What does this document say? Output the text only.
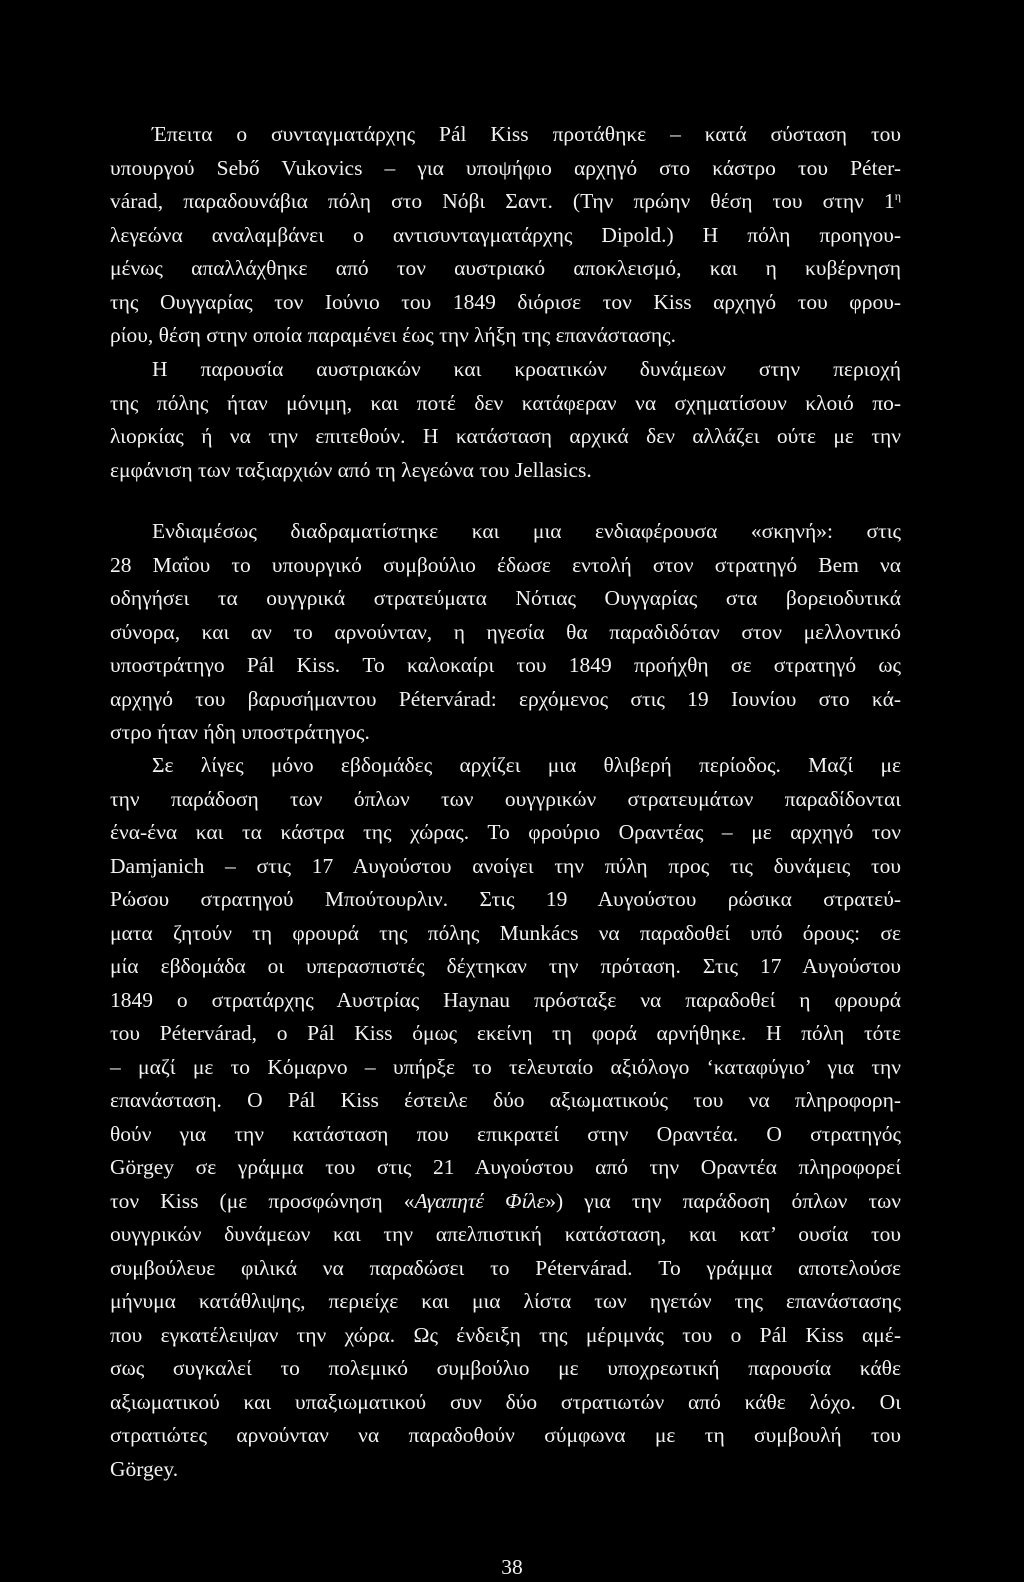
Έπειτα ο συνταγματάρχης Pál Kiss προτάθηκε – κατά σύσταση του
υπουργού Sebő Vukovics – για υποψήφιο αρχηγό στο κάστρο του Péter-
várad, παραδουνάβια πόλη στο Νόβι Σαντ. (Την πρώην θέση του στην $1^\eta$
λεγεώνα αναλαμβάνει ο αντισυνταγματάρχης Dipold.) Η πόλη προηγου-
μένως απαλλάχθηκε από τον αυστριακό αποκλεισμό, και η κυβέρνηση
της Ουγγαρίας τον Ιούνιο του 1849 διόρισε τον Kiss αρχηγό του φρου-
ρίου, θέση στην οποία παραμένει έως την λήξη της επανάστασης.
Η παρουσία αυστριακών και κροατικών δυνάμεων στην περιοχή
της πόλης ήταν μόνιμη, και ποτέ δεν κατάφεραν να σχηματίσουν κλοιό πο-
λιορκίας ή να την επιτεθούν. Η κατάσταση αρχικά δεν αλλάζει ούτε με την
εμφάνιση των ταξιαρχιών από τη λεγεώνα του Jellasics.
Ενδιαμέσως διαδραματίστηκε και μια ενδιαφέρουσα «σκηνή»: στις
28 Μαΐου το υπουργικό συμβούλιο έδωσε εντολή στον στρατηγό Bem να
οδηγήσει τα ουγγρικά στρατεύματα Νότιας Ουγγαρίας στα βορειοδυτικά
σύνορα, και αν το αρνούνταν, η ηγεσία θα παραδιδόταν στον μελλοντικό
υποστράτηγο Pál Kiss. Το καλοκαίρι του 1849 προήχθη σε στρατηγό ως
αρχηγό του βαρυσήμαντου Pétervárad: ερχόμενος στις 19 Ιουνίου στο κά-
στρο ήταν ήδη υποστράτηγος.
Σε λίγες μόνο εβδομάδες αρχίζει μια θλιβερή περίοδος. Μαζί με
την παράδοση των όπλων των ουγγρικών στρατευμάτων παραδίδονται
ένα-ένα και τα κάστρα της χώρας. Το φρούριο Οραντέας – με αρχηγό τον
Damjanich – στις 17 Αυγούστου ανοίγει την πύλη προς τις δυνάμεις του
Ρώσου στρατηγού Μπούτουρλιν. Στις 19 Αυγούστου ρώσικα στρατεύ-
ματα ζητούν τη φρουρά της πόλης Munkács να παραδοθεί υπό όρους: σε
μία εβδομάδα οι υπερασπιστές δέχτηκαν την πρόταση. Στις 17 Αυγούστου
1849 ο στρατάρχης Αυστρίας Haynau πρόσταξε να παραδοθεί η φρουρά
του Pétervárad, ο Pál Kiss όμως εκείνη τη φορά αρνήθηκε. Η πόλη τότε
– μαζί με το Κόμαρνο – υπήρξε το τελευταίο αξιόλογο ‘καταφύγιο’ για την
επανάσταση. Ο Pál Kiss έστειλε δύο αξιωματικούς του να πληροφορη-
θούν για την κατάσταση που επικρατεί στην Οραντέα. Ο στρατηγός
Görgey σε γράμμα του στις 21 Αυγούστου από την Οραντέα πληροφορεί
τον Kiss (με προσφώνηση «Αγαπητέ Φίλε») για την παράδοση όπλων των
ουγγρικών δυνάμεων και την απελπιστική κατάσταση, και κατ’ ουσία του
συμβούλευε φιλικά να παραδώσει το Pétervárad. Το γράμμα αποτελούσε
μήνυμα κατάθλιψης, περιείχε και μια λίστα των ηγετών της επανάστασης
που εγκατέλειψαν την χώρα. Ως ένδειξη της μέριμνάς του ο Pál Kiss αμέ-
σως συγκαλεί το πολεμικό συμβούλιο με υποχρεωτική παρουσία κάθε
αξιωματικού και υπαξιωματικού συν δύο στρατιωτών από κάθε λόχο. Οι
στρατιώτες αρνούνταν να παραδοθούν σύμφωνα με τη συμβουλή του
Görgey.
38
